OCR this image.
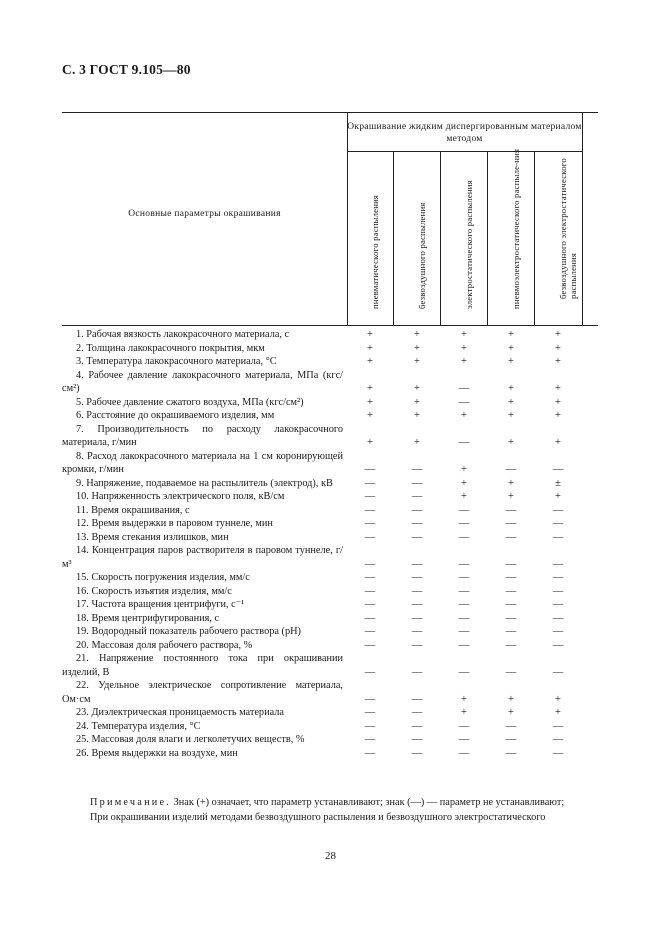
С. 3 ГОСТ 9.105—80
Основные параметры окрашивания
Окрашивание жидким диспергированным материалом методом
пневматического распыления	безвоздушного распыления	электростатического распыления	пневмоэлектростатического распыле-ния	безвоздушного электростатического распыления
1. Рабочая вязкость лакокрасочного материала, с	+	+	+	+	+
2. Толщина лакокрасочного покрытия, мкм	+	+	+	+	+
3. Температура лакокрасочного материала, °С	+	+	+	+	+
4. Рабочее давление лакокрасочного материала, МПа (кгс/см²)	+	+	—	+	+
5. Рабочее давление сжатого воздуха, МПа (кгс/см²)	+	+	—	+	+
6. Расстояние до окрашиваемого изделия, мм	+	+	+	+	+
7. Производительность по расходу лакокрасочного материала, г/мин	+	+	—	+	+
8. Расход лакокрасочного материала на 1 см коронирующей кромки, г/мин	—	—	+	—	—
9. Напряжение, подаваемое на распылитель (электрод), кВ	—	—	+	+	±
10. Напряженность электрического поля, кВ/см	—	—	+	+	+
11. Время окрашивания, с	—	—	—	—	—
12. Время выдержки в паровом туннеле, мин	—	—	—	—	—
13. Время стекания излишков, мин	—	—	—	—	—
14. Концентрация паров растворителя в паровом туннеле, г/м³	—	—	—	—	—
15. Скорость погружения изделия, мм/с	—	—	—	—	—
16. Скорость изъятия изделия, мм/с	—	—	—	—	—
17. Частота вращения центрифуги, с⁻¹	—	—	—	—	—
18. Время центрифугирования, с	—	—	—	—	—
19. Водородный показатель рабочего раствора (pH)	—	—	—	—	—
20. Массовая доля рабочего раствора, %	—	—	—	—	—
21. Напряжение постоянного тока при окрашивании изделий, В	—	—	—	—	—
22. Удельное электрическое сопротивление материала, Ом·см	—	—	+	+	+
23. Диэлектрическая проницаемость материала	—	—	+	+	+
24. Температура изделия, °С	—	—	—	—	—
25. Массовая доля влаги и легколетучих веществ, %	—	—	—	—	—
26. Время выдержки на воздухе, мин	—	—	—	—	—
Примечание. Знак (+) означает, что параметр устанавливают; знак (—) — параметр не устанавливают;
При окрашивании изделий методами безвоздушного распыления и безвоздушного электростатического
28
